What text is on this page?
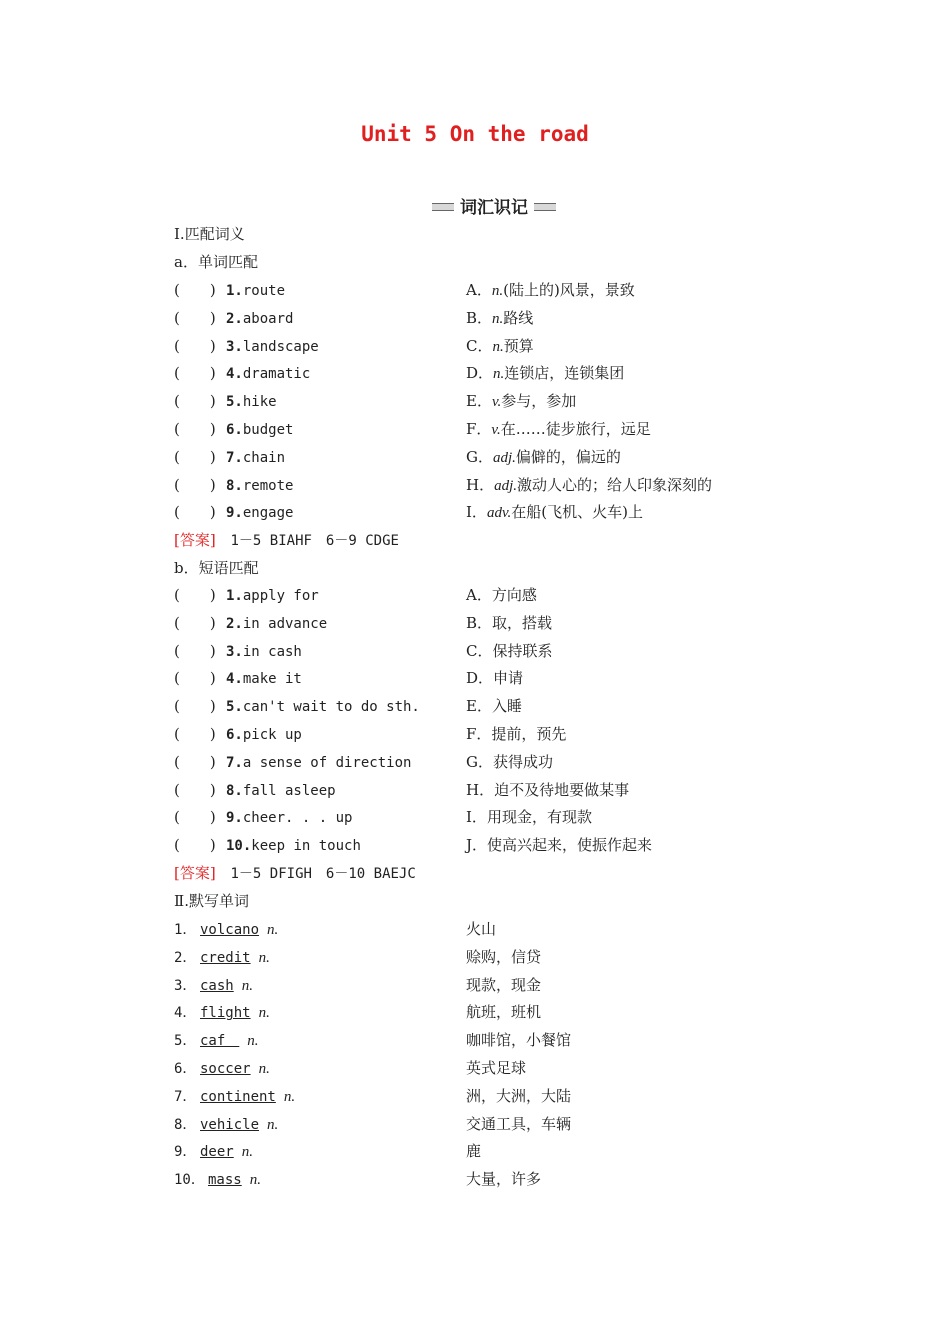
Unit 5 On the road
词汇识记
Ⅰ.匹配词义
a．单词匹配
(　　) 1.route	A．n.(陆上的)风景，景致
(　　) 2.aboard	B．n.路线
(　　) 3.landscape	C．n.预算
(　　) 4.dramatic	D．n.连锁店，连锁集团
(　　) 5.hike	E．v.参与，参加
(　　) 6.budget	F．v.在……徒步旅行，远足
(　　) 7.chain	G．adj.偏僻的，偏远的
(　　) 8.remote	H．adj.激动人心的；给人印象深刻的
(　　) 9.engage	I．adv.在船(飞机、火车)上
[答案] 1－5 BIAHF　6－9 CDGE
b．短语匹配
(　　) 1.apply for	A．方向感
(　　) 2.in advance	B．取，搭载
(　　) 3.in cash	C．保持联系
(　　) 4.make it	D．申请
(　　) 5.can't wait to do sth.	E．入睡
(　　) 6.pick up	F．提前，预先
(　　) 7.a sense of direction	G．获得成功
(　　) 8.fall asleep	H．迫不及待地要做某事
(　　) 9.cheer. . . up	I．用现金，有现款
(　　) 10.keep in touch	J．使高兴起来，使振作起来
[答案] 1－5 DFIGH　6－10 BAEJC
Ⅱ.默写单词
1． volcano n.	火山
2． credit n.	赊购，信贷
3． cash n.	现款，现金
4． flight n.	航班，班机
5． caf　n.	咖啡馆，小餐馆
6． soccer n.	英式足球
7． continent n.	洲，大洲，大陆
8． vehicle n.	交通工具，车辆
9． deer n.	鹿
10． mass n.	大量，许多
